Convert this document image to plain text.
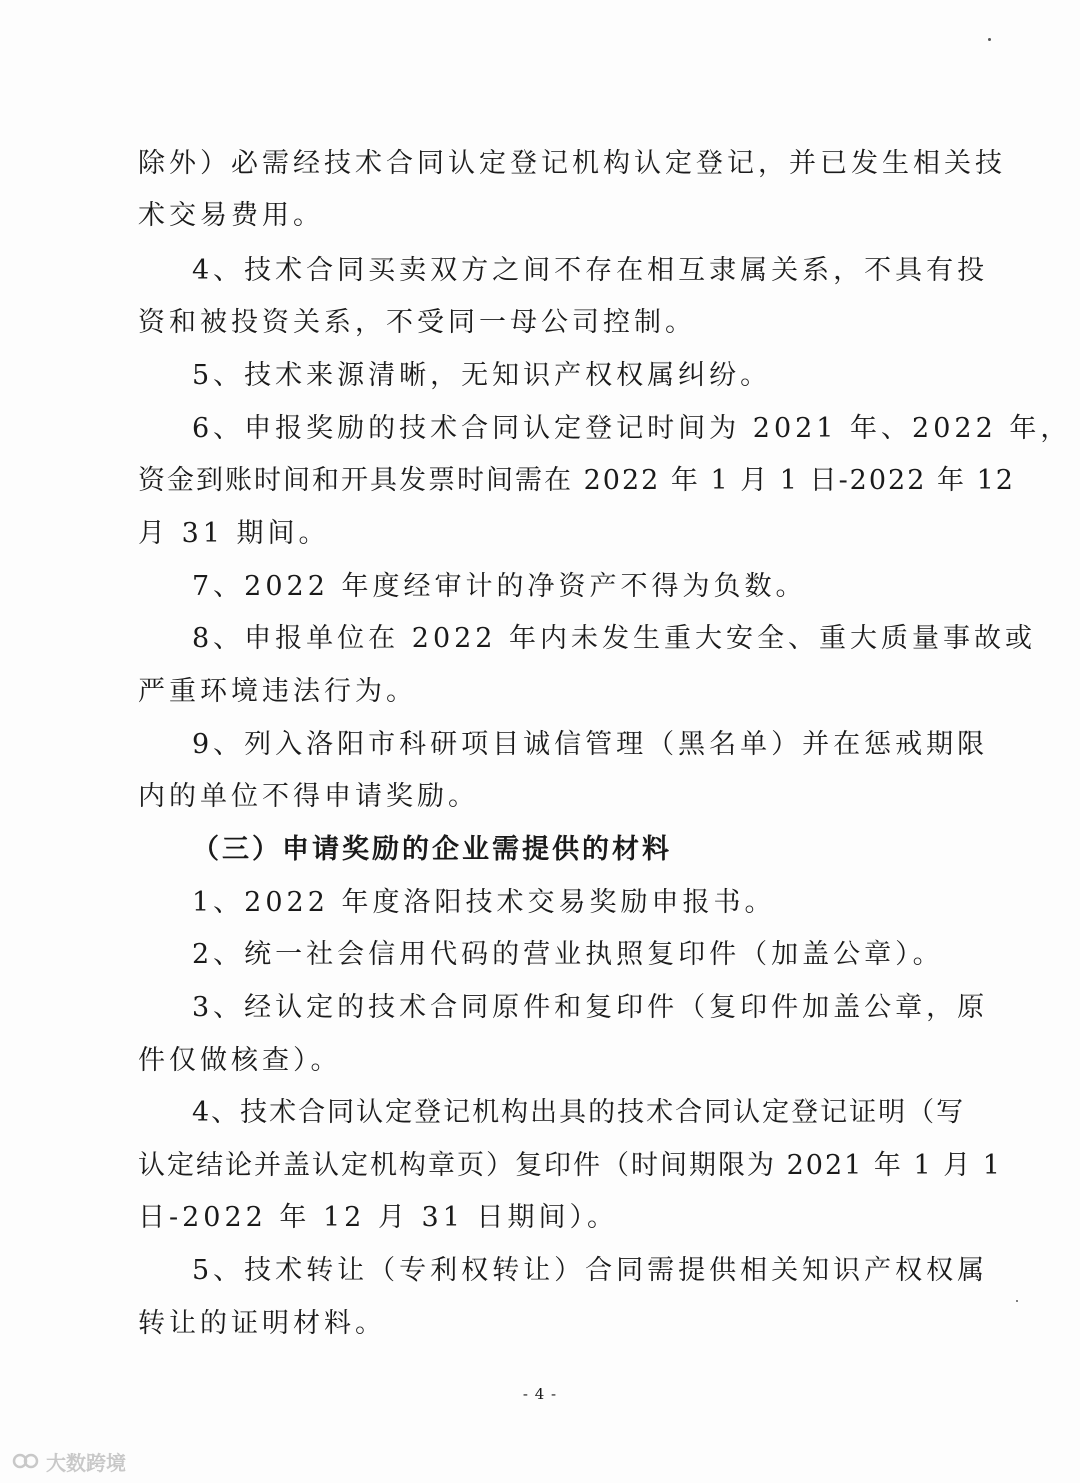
除外）必需经技术合同认定登记机构认定登记，并已发生相关技
术交易费用。
4、技术合同买卖双方之间不存在相互隶属关系，不具有投
资和被投资关系，不受同一母公司控制。
5、技术来源清晰，无知识产权权属纠纷。
6、申报奖励的技术合同认定登记时间为 2021 年、2022 年，
资金到账时间和开具发票时间需在 2022 年 1 月 1 日-2022 年 12
月 31 期间。
7、2022 年度经审计的净资产不得为负数。
8、申报单位在 2022 年内未发生重大安全、重大质量事故或
严重环境违法行为。
9、列入洛阳市科研项目诚信管理（黑名单）并在惩戒期限
内的单位不得申请奖励。
（三）申请奖励的企业需提供的材料
1、2022 年度洛阳技术交易奖励申报书。
2、统一社会信用代码的营业执照复印件（加盖公章）。
3、经认定的技术合同原件和复印件（复印件加盖公章，原
件仅做核查）。
4、技术合同认定登记机构出具的技术合同认定登记证明（写
认定结论并盖认定机构章页）复印件（时间期限为 2021 年 1 月 1
日-2022 年 12 月 31 日期间）。
5、技术转让（专利权转让）合同需提供相关知识产权权属
转让的证明材料。
- 4 -
大数跨境
